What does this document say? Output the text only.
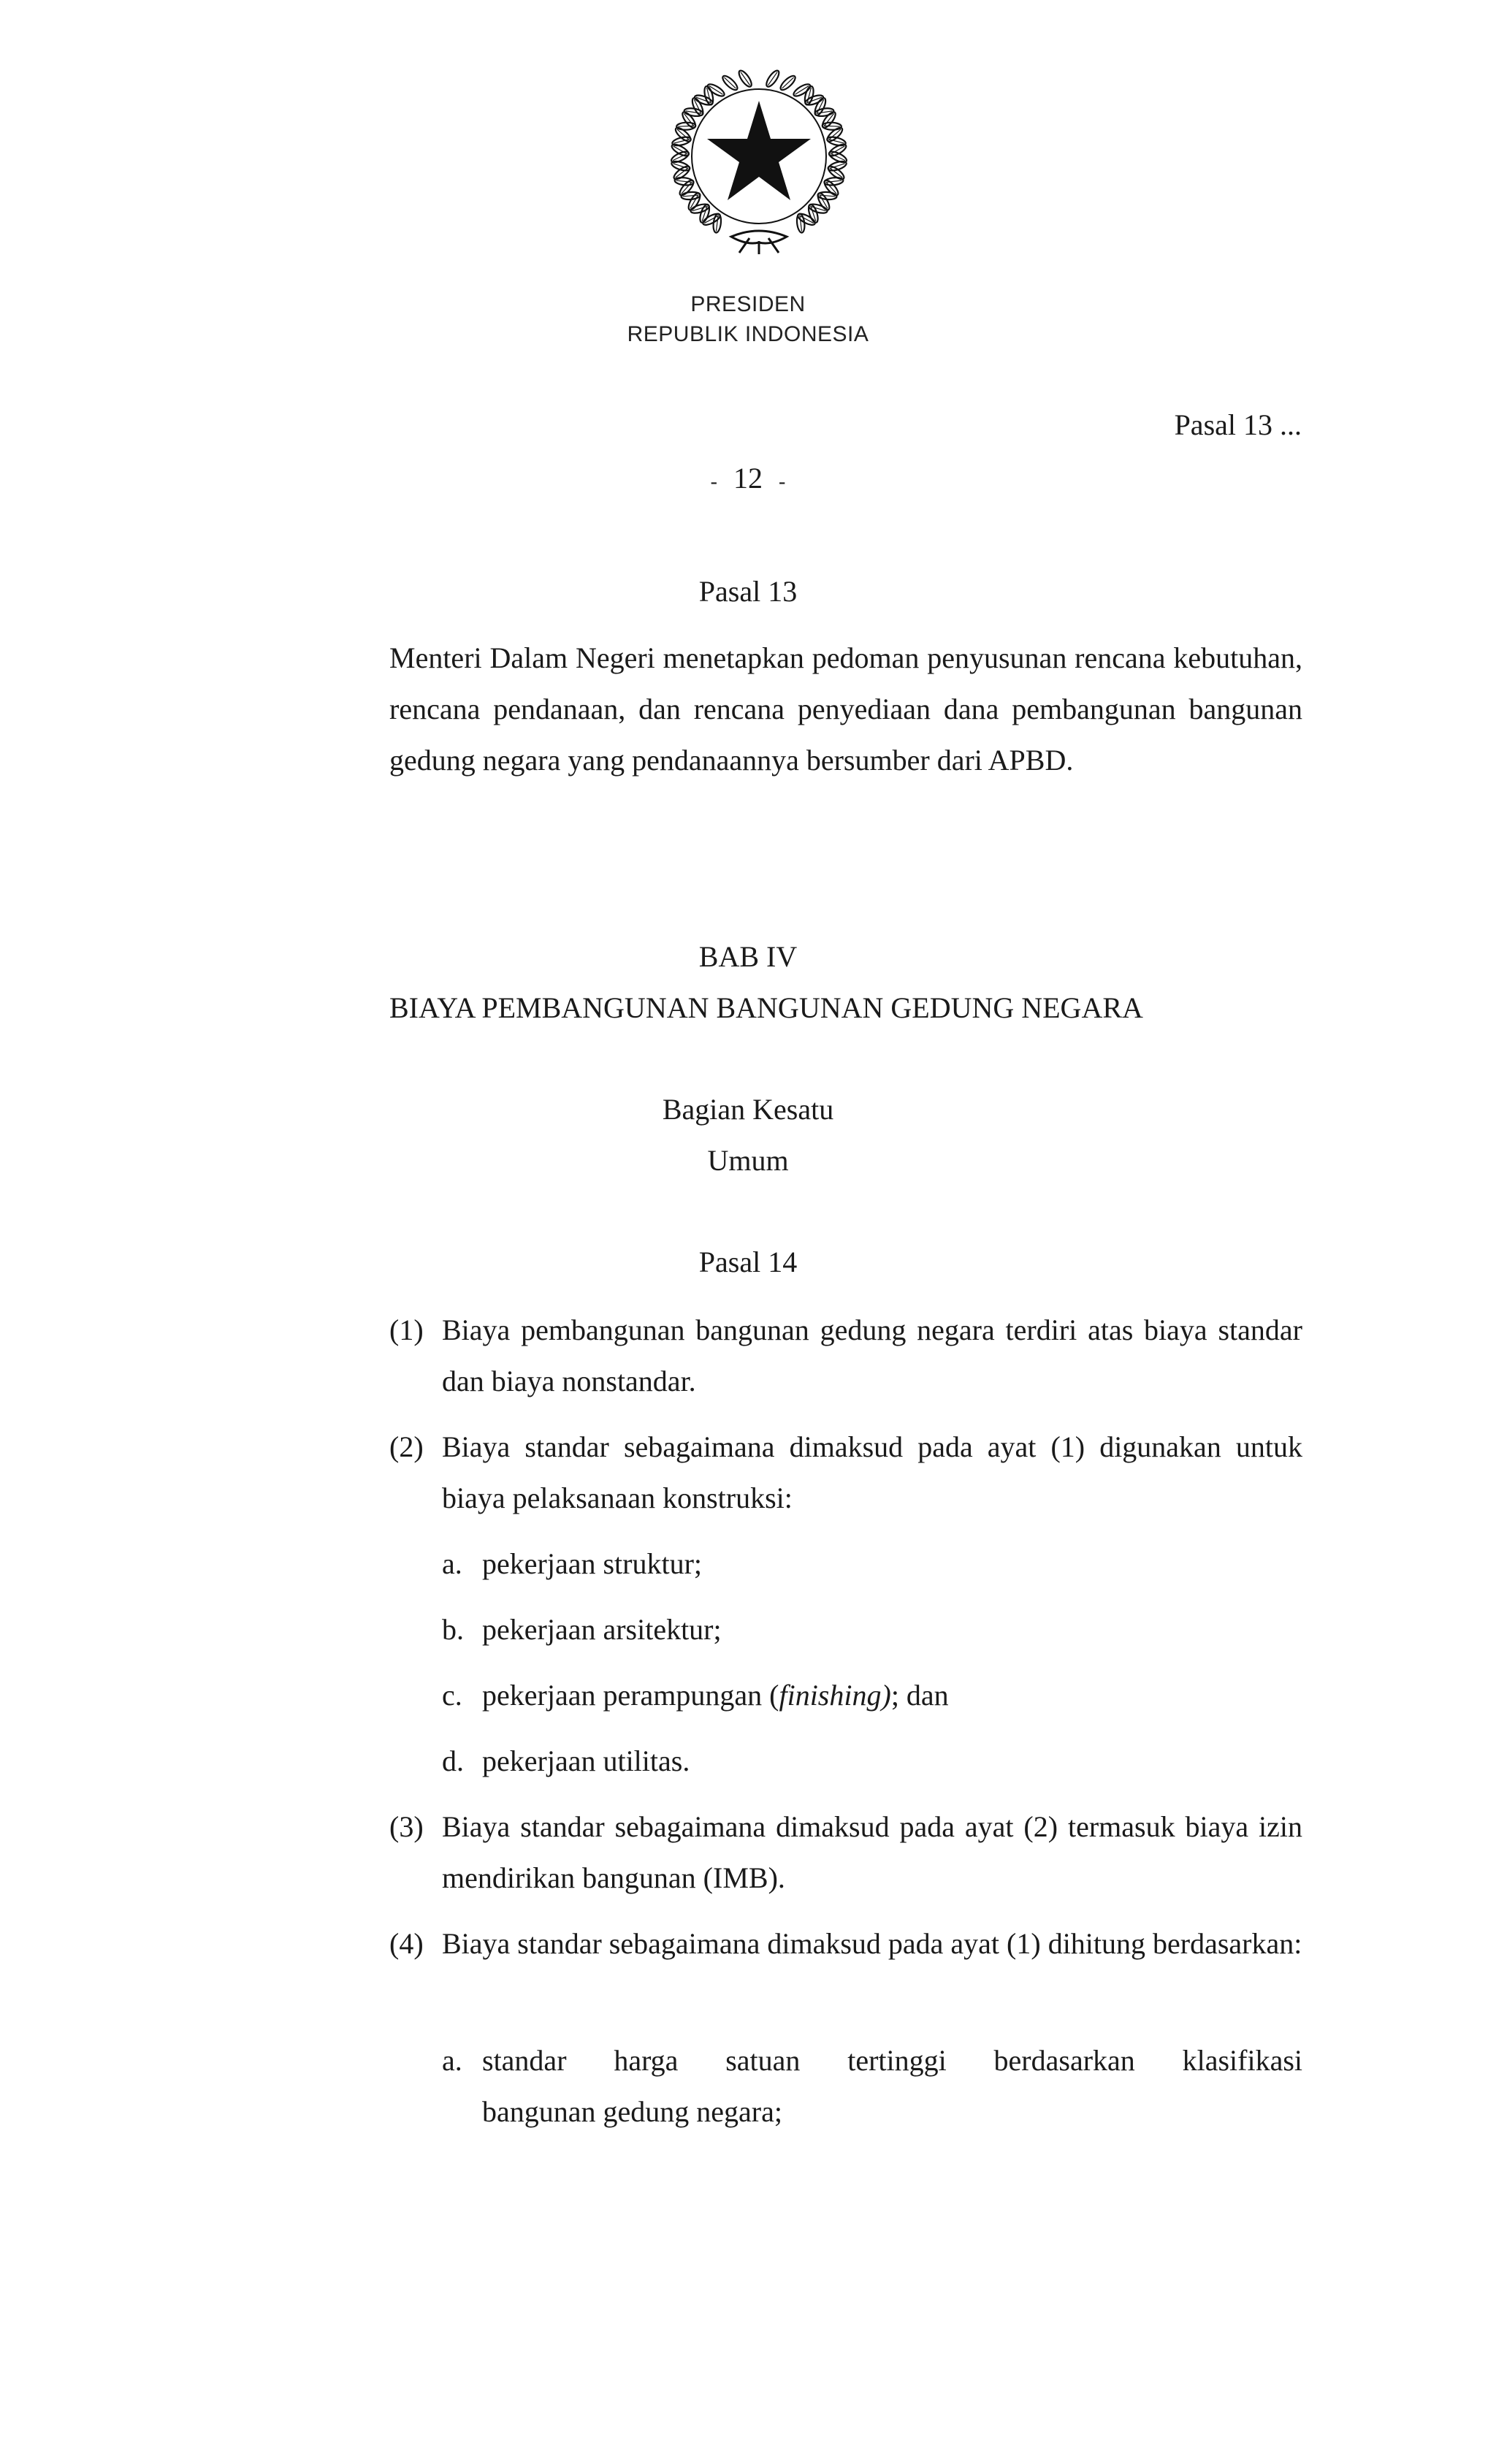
PRESIDEN
REPUBLIK INDONESIA
Pasal 13 ...
- 12 -
Pasal 13

Menteri Dalam Negeri menetapkan pedoman penyusunan rencana kebutuhan, rencana pendanaan, dan rencana penyediaan dana pembangunan bangunan gedung negara yang pendanaannya bersumber dari APBD.

BAB IV
BIAYA PEMBANGUNAN BANGUNAN GEDUNG NEGARA
Bagian Kesatu
Umum
Pasal 14
(1) Biaya pembangunan bangunan gedung negara terdiri atas biaya standar dan biaya nonstandar.
(2) Biaya standar sebagaimana dimaksud pada ayat (1) digunakan untuk biaya pelaksanaan konstruksi:
a. pekerjaan struktur;
b. pekerjaan arsitektur;
c. pekerjaan perampungan (finishing); dan
d. pekerjaan utilitas.
(3) Biaya standar sebagaimana dimaksud pada ayat (2) termasuk biaya izin mendirikan bangunan (IMB).
(4) Biaya standar sebagaimana dimaksud pada ayat (1) dihitung berdasarkan:
a. standar harga satuan tertinggi berdasarkan klasifikasi
bangunan gedung negara;
